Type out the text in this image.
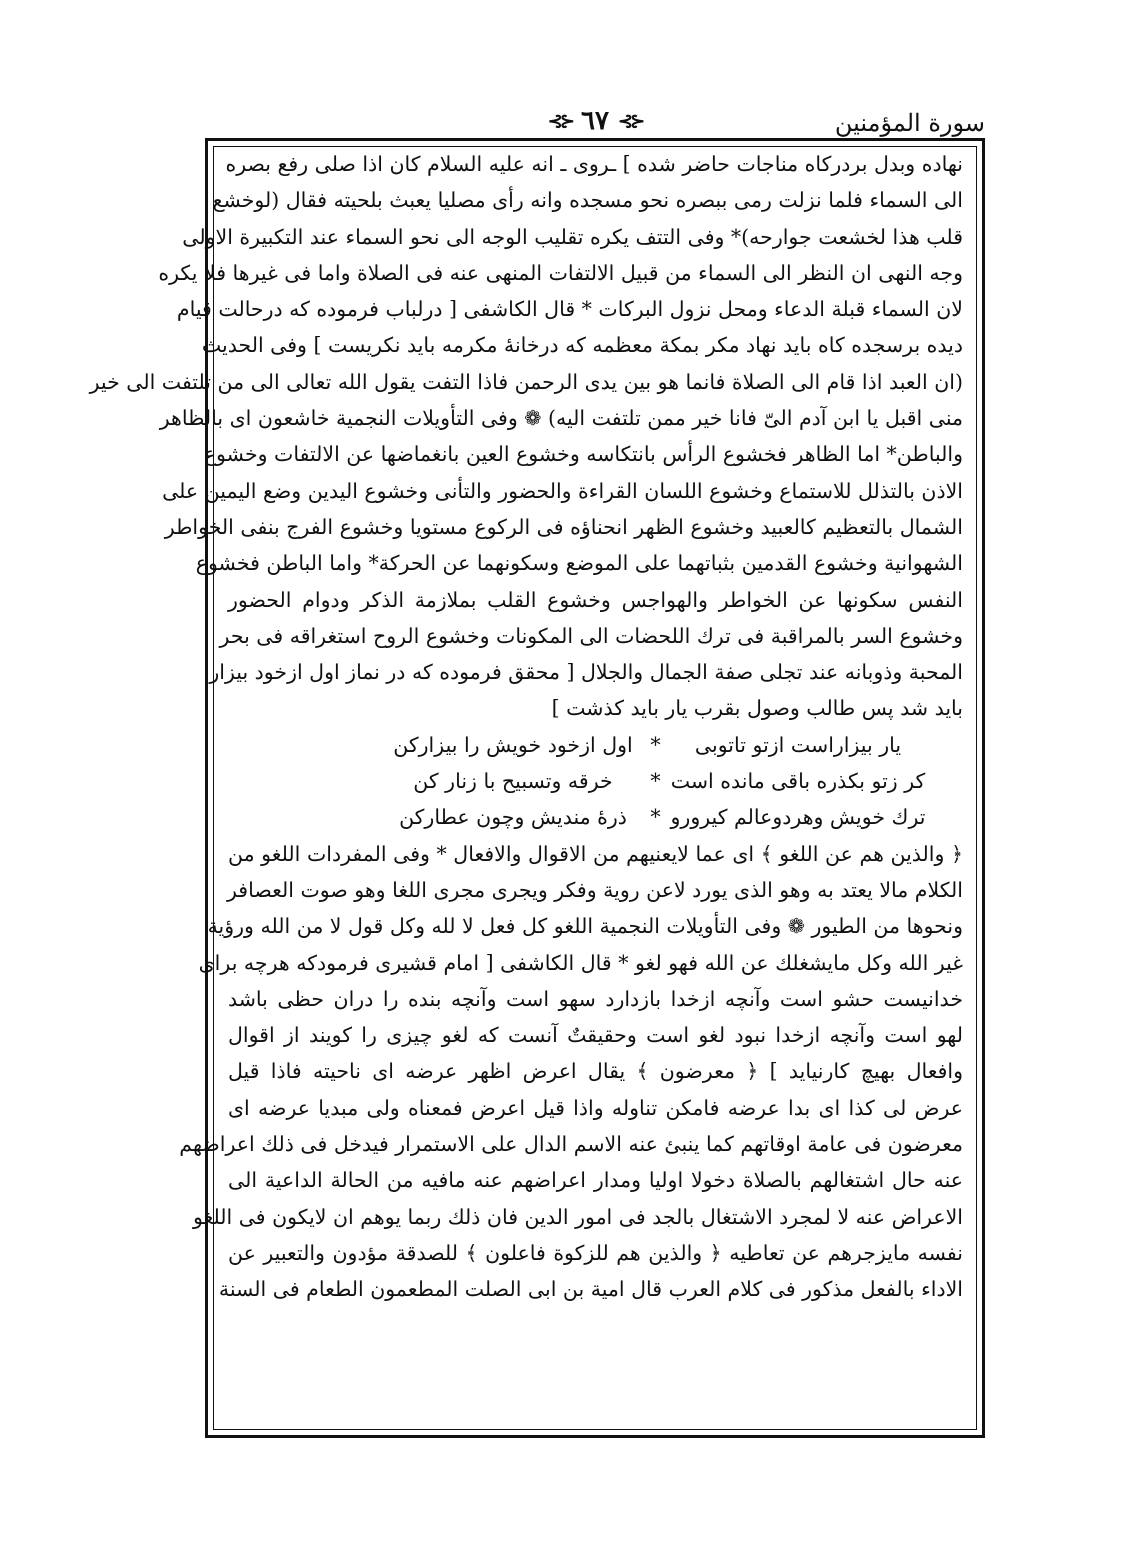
سورة المؤمنين
⊰⊱ ٦٧ ⊰⊱
نهاده وبدل بردركاه مناجات حاضر شده ] ـروى ـ انه عليه السلام كان اذا صلى رفع بصره
الى السماء فلما نزلت رمى ببصره نحو مسجده وانه رأى مصليا يعبث بلحيته فقال (لوخشع
قلب هذا لخشعت جوارحه)* وفى التتف يكره تقليب الوجه الى نحو السماء عند التكبيرة الاولى
وجه النهى ان النظر الى السماء من قبيل الالتفات المنهى عنه فى الصلاة واما فى غيرها فلا يكره
لان السماء قبلة الدعاء ومحل نزول البركات * قال الكاشفى [ درلباب فرموده كه درحالت قيام
ديده برسجده كاه بايد نهاد مكر بمكة معظمه كه درخانهٔ مكرمه بايد نكريست ] وفى الحديث
(ان العبد اذا قام الى الصلاة فانما هو بين يدى الرحمن فاذا التفت يقول الله تعالى الى من تلتفت الى خير
منى اقبل يا ابن آدم الىّ فانا خير ممن تلتفت اليه) ❁ وفى التأويلات النجمية خاشعون اى بالظاهر
والباطن* اما الظاهر فخشوع الرأس بانتكاسه وخشوع العين بانغماضها عن الالتفات وخشوع
الاذن بالتذلل للاستماع وخشوع اللسان القراءة والحضور والتأنى وخشوع اليدين وضع اليمين على
الشمال بالتعظيم كالعبيد وخشوع الظهر انحناؤه فى الركوع مستويا وخشوع الفرج بنفى الخواطر
الشهوانية وخشوع القدمين بثباتهما على الموضع وسكونهما عن الحركة* واما الباطن فخشوع
النفس سكونها عن الخواطر والهواجس وخشوع القلب بملازمة الذكر ودوام الحضور
وخشوع السر بالمراقبة فى ترك اللحضات الى المكونات وخشوع الروح استغراقه فى بحر
المحبة وذوبانه عند تجلى صفة الجمال والجلال [ محقق فرموده كه در نماز اول ازخود بيزار
بايد شد پس طالب وصول بقرب يار بايد كذشت ]
يار بيزاراست ازتو تاتوبى*اول ازخود خويش را بيزاركن
كر زتو بكذره باقى مانده است*خرقه وتسبيح با زنار كن
ترك خويش وهردوعالم كيرورو*ذرهٔ منديش وچون عطاركن
﴿ والذين هم عن اللغو ﴾ اى عما لايعنيهم من الاقوال والافعال * وفى المفردات اللغو من
الكلام مالا يعتد به وهو الذى يورد لاعن روية وفكر ويجرى مجرى اللغا وهو صوت العصافر
ونحوها من الطيور ❁ وفى التأويلات النجمية اللغو كل فعل لا لله وكل قول لا من الله ورؤية
غير الله وكل مايشغلك عن الله فهو لغو * قال الكاشفى [ امام قشيرى فرمودكه هرچه براى
خدانيست حشو است وآنچه ازخدا بازدارد سهو است وآنچه بنده را دران حظى باشد
لهو است وآنچه ازخدا نبود لغو است وحقيقتٌ آنست كه لغو چيزى را كويند از اقوال
وافعال بهيچ كارنيايد ] ﴿ معرضون ﴾ يقال اعرض اظهر عرضه اى ناحيته فاذا قيل
عرض لى كذا اى بدا عرضه فامكن تناوله واذا قيل اعرض فمعناه ولى مبديا عرضه اى
معرضون فى عامة اوقاتهم كما ينبئ عنه الاسم الدال على الاستمرار فيدخل فى ذلك اعراضهم
عنه حال اشتغالهم بالصلاة دخولا اوليا ومدار اعراضهم عنه مافيه من الحالة الداعية الى
الاعراض عنه لا لمجرد الاشتغال بالجد فى امور الدين فان ذلك ربما يوهم ان لايكون فى اللغو
نفسه مايزجرهم عن تعاطيه ﴿ والذين هم للزكوة فاعلون ﴾ للصدقة مؤدون والتعبير عن
الاداء بالفعل مذكور فى كلام العرب قال امية بن ابى الصلت المطعمون الطعام فى السنة
